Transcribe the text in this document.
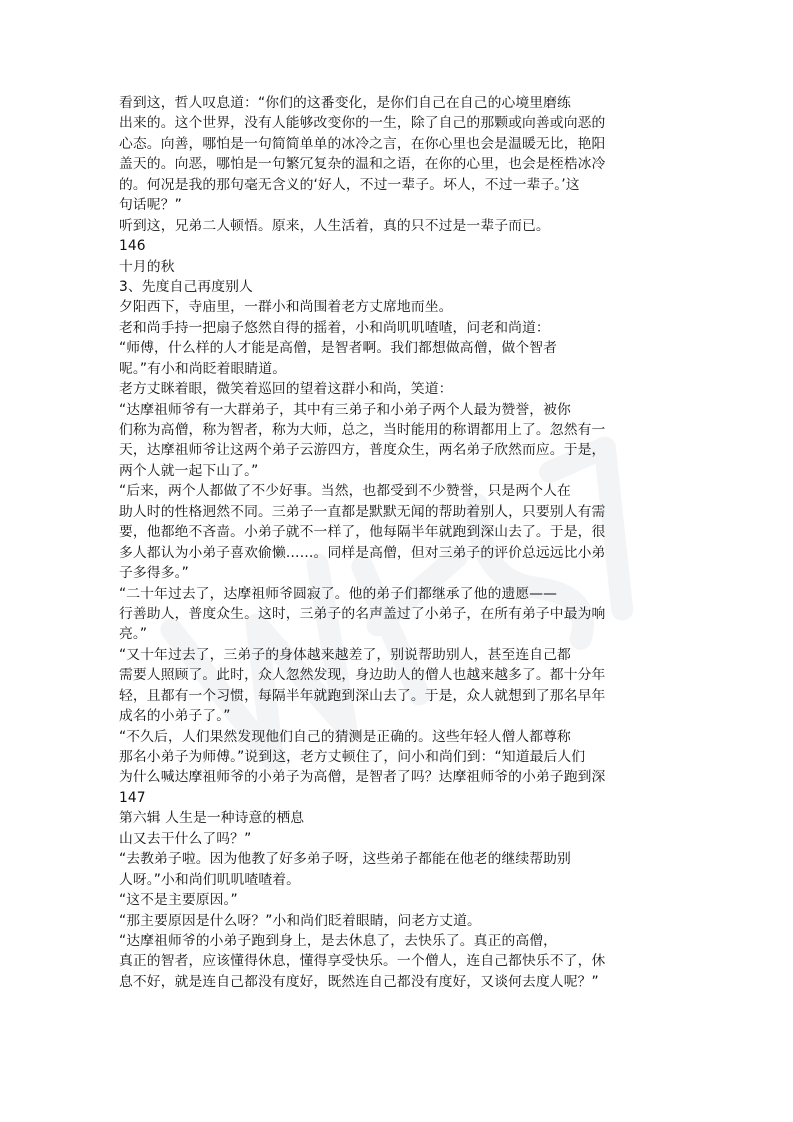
看到这，哲人叹息道：“你们的这番变化，是你们自己在自己的心境里磨练
出来的。这个世界，没有人能够改变你的一生，除了自己的那颗或向善或向恶的
心态。向善，哪怕是一句简简单单的冰冷之言，在你心里也会是温暖无比，艳阳
盖天的。向恶，哪怕是一句繁冗复杂的温和之语，在你的心里，也会是桎梏冰冷
的。何况是我的那句毫无含义的‘好人，不过一辈子。坏人，不过一辈子。’这
句话呢？”
听到这，兄弟二人顿悟。原来，人生活着，真的只不过是一辈子而已。
146
十月的秋
3、先度自己再度别人
夕阳西下，寺庙里，一群小和尚围着老方丈席地而坐。
老和尚手持一把扇子悠然自得的摇着，小和尚叽叽喳喳，问老和尚道：
“师傅，什么样的人才能是高僧，是智者啊。我们都想做高僧，做个智者
呢。”有小和尚眨着眼睛道。
老方丈眯着眼，微笑着巡回的望着这群小和尚，笑道：
“达摩祖师爷有一大群弟子，其中有三弟子和小弟子两个人最为赞誉，被你
们称为高僧，称为智者，称为大师，总之，当时能用的称谓都用上了。忽然有一
天，达摩祖师爷让这两个弟子云游四方，普度众生，两名弟子欣然而应。于是，
两个人就一起下山了。”
“后来，两个人都做了不少好事。当然，也都受到不少赞誉，只是两个人在
助人时的性格迥然不同。三弟子一直都是默默无闻的帮助着别人，只要别人有需
要，他都绝不吝啬。小弟子就不一样了，他每隔半年就跑到深山去了。于是，很
多人都认为小弟子喜欢偷懒……。同样是高僧，但对三弟子的评价总远远比小弟
子多得多。”
“二十年过去了，达摩祖师爷圆寂了。他的弟子们都继承了他的遗愿——
行善助人，普度众生。这时，三弟子的名声盖过了小弟子，在所有弟子中最为响
亮。”
“又十年过去了，三弟子的身体越来越差了，别说帮助别人，甚至连自己都
需要人照顾了。此时，众人忽然发现，身边助人的僧人也越来越多了。都十分年
轻，且都有一个习惯，每隔半年就跑到深山去了。于是，众人就想到了那名早年
成名的小弟子了。”
“不久后，人们果然发现他们自己的猜测是正确的。这些年轻人僧人都尊称
那名小弟子为师傅。”说到这，老方丈顿住了，问小和尚们到：“知道最后人们
为什么喊达摩祖师爷的小弟子为高僧，是智者了吗？达摩祖师爷的小弟子跑到深
147
第六辑 人生是一种诗意的栖息
山又去干什么了吗？”
“去教弟子啦。因为他教了好多弟子呀，这些弟子都能在他老的继续帮助别
人呀。”小和尚们叽叽喳喳着。
“这不是主要原因。”
“那主要原因是什么呀？”小和尚们眨着眼睛，问老方丈道。
“达摩祖师爷的小弟子跑到身上，是去休息了，去快乐了。真正的高僧，
真正的智者，应该懂得休息，懂得享受快乐。一个僧人，连自己都快乐不了，休
息不好，就是连自己都没有度好，既然连自己都没有度好，又谈何去度人呢？”
